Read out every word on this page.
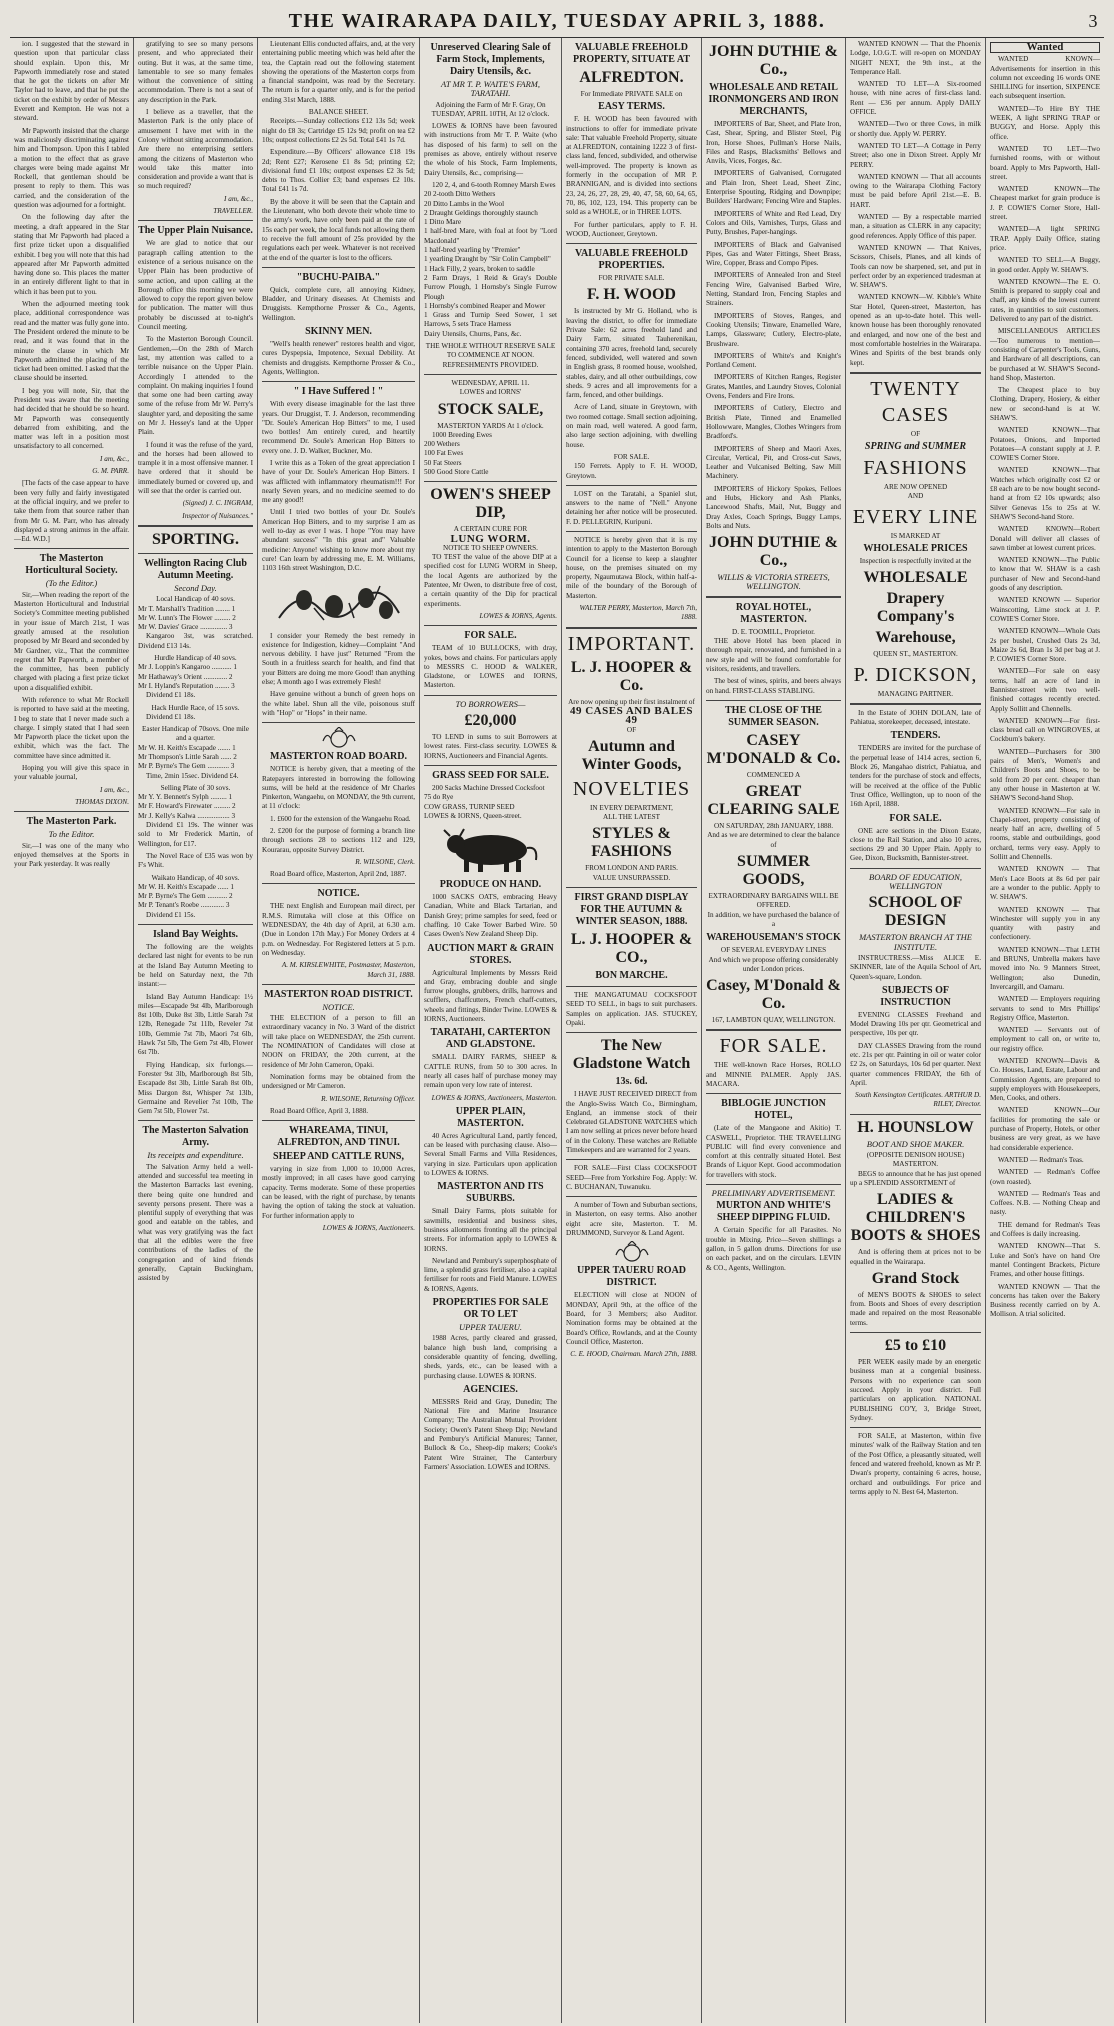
THE WAIRARAPA DAILY, TUESDAY APRIL 3, 1888.	3

ion. I suggested that the steward in question upon that particular class should explain. Upon this, Mr Papworth immediately rose and stated that he got the tickets on after Mr Taylor had to leave, and that he put the ticket on the exhibit by order of Messrs Everett and Kempton. He was not a steward.

Mr Papworth insisted that the charge was maliciously discriminating against him and Thompson. Upon this I tabled a motion to the effect that as grave charges were being made against Mr Rockell, that gentleman should be present to reply to them. This was carried, and the consideration of the question was adjourned for a fortnight.

On the following day after the meeting, a draft appeared in the Star stating that Mr Papworth had placed a first prize ticket upon a disqualified exhibit. I beg you will note that this had appeared after Mr Papworth admitted having done so. This places the matter in an entirely different light to that in which it has been put to you.

When the adjourned meeting took place, additional correspondence was read and the matter was fully gone into. The President ordered the minute to be read, and it was found that in the minute the clause in which Mr Papworth admitted the placing of the ticket had been omitted. I asked that the clause should be inserted.

I beg you will note, Sir, that the President was aware that the meeting had decided that he should be so heard. Mr Papworth was consequently debarred from exhibiting, and the matter was left in a position most unsatisfactory to all concerned.

I am, &c.,
G. M. PARR.

[The facts of the case appear to have been very fully and fairly investigated at the official inquiry, and we prefer to take them from that source rather than from Mr G. M. Parr, who has already displayed a strong animus in the affair.—Ed. W.D.]

The Masterton Horticultural Society.
(To the Editor.)

Sir,—When reading the report of the Masterton Horticultural and Industrial Society's Committee meeting published in your issue of March 21st, I was greatly amused at the resolution proposed by Mr Beard and seconded by Mr Gardner, viz., That the committee regret that Mr Papworth, a member of the committee, has been publicly charged with placing a first prize ticket upon a disqualified exhibit.

With reference to what Mr Rockell is reported to have said at the meeting, I beg to state that I never made such a charge. I simply stated that I had seen Mr Papworth place the ticket upon the exhibit, which was the fact. The committee have since admitted it.

Hoping you will give this space in your valuable journal,

I am, &c.,
THOMAS DIXON.
The Masterton Park.
To the Editor.

Sir,—I was one of the many who enjoyed themselves at the Sports in your Park yesterday. It was really

gratifying to see so many persons present, and who appreciated their outing. But it was, at the same time, lamentable to see so many females without the convenience of sitting accommodation. There is not a seat of any description in the Park.

I believe as a traveller, that the Masterton Park is the only place of amusement I have met with in the Colony without sitting accommodation. Are there no enterprising settlers among the citizens of Masterton who would take this matter into consideration and provide a want that is so much required?

I am, &c.,
TRAVELLER.
The Upper Plain Nuisance.

We are glad to notice that our paragraph calling attention to the existence of a serious nuisance on the Upper Plain has been productive of some action, and upon calling at the Borough office this morning we were allowed to copy the report given below for publication. The matter will thus probably be discussed at to-night's Council meeting.

To the Masterton Borough Council. Gentlemen,—On the 28th of March last, my attention was called to a terrible nuisance on the Upper Plain. Accordingly I attended to the complaint. On making inquiries I found that some one had been carting away some of the refuse from Mr W. Perry's slaughter yard, and depositing the same on Mr J. Hessey's land at the Upper Plain.

I found it was the refuse of the yard, and the horses had been allowed to trample it in a most offensive manner. I have ordered that it should be immediately burned or covered up, and will see that the order is carried out.

(Signed) J. C. INGRAM,
Inspector of Nuisances."
SPORTING.
Wellington Racing Club Autumn Meeting.
Second Day.
Local Handicap of 40 sovs.
Mr T. Marshall's Tradition ........ 1
Mr W. Lunn's The Flower ......... 2
Mr W. Davies' Grace ............... 3

Kangaroo 3st, was scratched. Dividend £13 14s.

Hurdle Handicap of 40 sovs.
Mr J. Loppin's Kangaroo ........... 1
Mr Hathaway's Orient ............. 2
Mr I. Hyland's Reputation ........ 3

Dividend £1 18s.

Hack Hurdle Race, of 15 sovs.

Dividend £1 18s.

Easter Handicap of 70sovs. One mile and a quarter.
Mr W. H. Keith's Escapade ....... 1
Mr Thompson's Little Sarah ...... 2
Mr P. Byrne's The Gem ............ 3

Time, 2min 15sec. Dividend £4.

Selling Plate of 30 sovs.
Mr Y. Y. Bennett's Sylph ......... 1
Mr F. Howard's Firewater ......... 2
Mr J. Kelly's Kalwa .................. 3

Dividend £1 19s. The winner was sold to Mr Frederick Martin, of Wellington, for £17.

The Novel Race of £35 was won by F's Whit.

Waikato Handicap, of 40 sovs.
Mr W. H. Keith's Escapade ...... 1
Mr P. Byrne's The Gem ........... 2
Mr P. Tenant's Roebe ............. 3

Dividend £1 15s.

Island Bay Weights.

The following are the weights declared last night for events to be run at the Island Bay Autumn Meeting to be held on Saturday next, the 7th instant:—

Island Bay Autumn Handicap: 1½ miles—Escapade 9st 4lb, Marlborough 8st 10lb, Duke 8st 3lb, Little Sarah 7st 12lb, Renegade 7st 11lb, Reveler 7st 10lb, Gemmie 7st 7lb, Maori 7st 6lb, Hawk 7st 5lb, The Gem 7st 4lb, Flower 6st 7lb.

Flying Handicap, six furlongs.—Forester 9st 3lb, Marlborough 8st 5lb, Escapade 8st 3lb, Little Sarah 8st 0lb, Miss Dargon 8st, Whisper 7st 13lb, Germaine and Revelier 7st 10lb, The Gem 7st 5lb, Flower 7st.

The Masterton Salvation Army.
Its receipts and expenditure.

The Salvation Army held a well-attended and successful tea meeting in the Masterton Barracks last evening, there being quite one hundred and seventy persons present. There was a plentiful supply of everything that was good and eatable on the tables, and what was very gratifying was the fact that all the edibles were the free contributions of the ladies of the congregation and of kind friends generally, Captain Buckingham, assisted by

Lieutenant Ellis conducted affairs, and, at the very entertaining public meeting which was held after the tea, the Captain read out the following statement showing the operations of the Masterton corps from a financial standpoint, was read by the Secretary. The return is for a quarter only, and is for the period ending 31st March, 1888.

BALANCE SHEET.

Receipts.—Sunday collections £12 13s 5d; week night do £8 3s; Cartridge £5 12s 9d; profit on tea £2 10s; outpost collections £2 2s 5d. Total £41 1s 7d.

Expenditure.—By Officers' allowance £18 19s 2d; Rent £27; Kerosene £1 8s 5d; printing £2; divisional fund £1 10s; outpost expenses £2 3s 5d; debts to Thos. Collier £3; band expenses £2 10s. Total £41 1s 7d.

By the above it will be seen that the Captain and the Lieutenant, who both devote their whole time to the army's work, have only been paid at the rate of 15s each per week, the local funds not allowing them to receive the full amount of 25s provided by the regulations each per week. Whatever is not received at the end of the quarter is lost to the officers.

"BUCHU-PAIBA."

Quick, complete cure, all annoying Kidney, Bladder, and Urinary diseases. At Chemists and Druggists. Kempthorne Prosser & Co., Agents, Wellington.

SKINNY MEN.

"Well's health renewer" restores health and vigor, cures Dyspepsia, Impotence, Sexual Debility. At chemists and druggists. Kempthorne Prosser & Co., Agents, Wellington.

" I Have Suffered ! "

With every disease imaginable for the last three years. Our Druggist, T. J. Anderson, recommending "Dr. Soule's American Hop Bitters" to me, I used two bottles! Am entirely cured, and heartily recommend Dr. Soule's American Hop Bitters to every one. J. D. Walker, Buckner, Mo.

I write this as a Token of the great appreciation I have of your Dr. Soule's American Hop Bitters. I was afflicted with inflammatory rheumatism!!! For nearly Seven years, and no medicine seemed to do me any good!!

Until I tried two bottles of your Dr. Soule's American Hop Bitters, and to my surprise I am as well to-day as ever I was. I hope "You may have abundant success" "In this great and" Valuable medicine: Anyone! wishing to know more about my cure! Can learn by addressing me, E. M. Williams, 1103 16th street Washington, D.C.

I consider your Remedy the best remedy in existence for Indigestion, kidney—Complaint "And nervous debility. I have just" Returned "From the South in a fruitless search for health, and find that your Bitters are doing me more Good! than anything else; A month ago I was extremely Flesh!

Have genuine without a bunch of green hops on the white label. Shun all the vile, poisonous stuff with "Hop" or "Hops" in their name.

MASTERTON ROAD BOARD.

NOTICE is hereby given, that a meeting of the Ratepayers interested in borrowing the following sums, will be held at the residence of Mr Charles Pinkerton, Wangaehu, on MONDAY, the 9th current, at 11 o'clock:

1. £600 for the extension of the Wangaehu Road.

2. £200 for the purpose of forming a branch line through sections 28 to sections 112 and 129, Kourarau, opposite Survey District.

R. WILSONE, Clerk.

Road Board office, Masterton, April 2nd, 1887.

NOTICE.

THE next English and European mail direct, per R.M.S. Rimutaka will close at this Office on WEDNESDAY, the 4th day of April, at 6.30 a.m. (Due in London 17th May.) For Money Orders at 4 p.m. on Wednesday. For Registered letters at 5 p.m. on Wednesday.

A. M. KIRSLEWHITE, Postmaster, Masterton, March 31, 1888.
MASTERTON ROAD DISTRICT.
NOTICE.

THE ELECTION of a person to fill an extraordinary vacancy in No. 3 Ward of the district will take place on WEDNESDAY, the 25th current. The NOMINATION of Candidates will close at NOON on FRIDAY, the 20th current, at the residence of Mr John Cameron, Opaki.

Nomination forms may be obtained from the undersigned or Mr Cameron.

R. WILSONE, Returning Officer.

Road Board Office, April 3, 1888.

WHAREAMA, TINUI, ALFREDTON, AND TINUI.
SHEEP AND CATTLE RUNS,

varying in size from 1,000 to 10,000 Acres, mostly improved; in all cases have good carrying capacity. Terms moderate. Some of these properties can be leased, with the right of purchase, by tenants having the option of taking the stock at valuation. For further information apply to

LOWES & IORNS, Auctioneers.
Unreserved Clearing Sale of Farm Stock, Implements, Dairy Utensils, &c.
AT MR T. P. WAITE'S FARM, TARATAHI.

Adjoining the Farm of Mr F. Gray, On TUESDAY, APRIL 10TH, At 12 o'clock.

LOWES & IORNS have been favoured with instructions from Mr T. P. Waite (who has disposed of his farm) to sell on the premises as above, entirely without reserve the whole of his Stock, Farm Implements, Dairy Utensils, &c., comprising—

120 2, 4, and 6-tooth Romney Marsh Ewes
20 2-tooth Ditto Wethers
20 Ditto Lambs in the Wool
2 Draught Geldings thoroughly staunch
1 Ditto Mare
1 half-bred Mare, with foal at foot by "Lord Macdonald"
1 half-bred yearling by "Premier"
1 yearling Draught by "Sir Colin Campbell"
1 Hack Filly, 2 years, broken to saddle
2 Farm Drays, 1 Reid & Gray's Double Furrow Plough, 1 Hornsby's Single Furrow Plough
1 Hornsby's combined Reaper and Mower
1 Grass and Turnip Seed Sower, 1 set Harrows, 5 sets Trace Harness
Dairy Utensils, Churns, Pans, &c.

THE WHOLE WITHOUT RESERVE SALE TO COMMENCE AT NOON. REFRESHMENTS PROVIDED.

WEDNESDAY, APRIL 11.
LOWES and IORNS'
STOCK SALE,
MASTERTON YARDS At 1 o'clock.

1000 Breeding Ewes
200 Wethers
100 Fat Ewes
50 Fat Steers
500 Good Store Cattle

OWEN'S SHEEP DIP,
A CERTAIN CURE FOR
LUNG WORM.
NOTICE TO SHEEP OWNERS.

TO TEST the value of the above DIP at a specified cost for LUNG WORM in Sheep, the local Agents are authorized by the Patentee, Mr Owen, to distribute free of cost, a certain quantity of the Dip for practical experiments.

LOWES & IORNS, Agents.
FOR SALE.

TEAM of 10 BULLOCKS, with dray, yokes, bows and chains. For particulars apply to MESSRS C. HOOD & WALKER, Gladstone, or LOWES and IORNS, Masterton.

TO BORROWERS—
£20,000

TO LEND in sums to suit Borrowers at lowest rates. First-class security. LOWES & IORNS, Auctioneers and Financial Agents.

GRASS SEED FOR SALE.

200 Sacks Machine Dressed Cocksfoot
75 do Rye
COW GRASS, TURNIP SEED
LOWES & IORNS, Queen-street.

PRODUCE ON HAND.

1000 SACKS OATS, embracing Heavy Canadian, White and Black Tartarian, and Danish Grey; prime samples for seed, feed or chaffing. 10 Cake Tower Barbed Wire. 50 Cases Owen's New Zealand Sheep Dip.

AUCTION MART & GRAIN STORES.

Agricultural Implements by Messrs Reid and Gray, embracing double and single furrow ploughs, grubbers, drills, harrows and scufflers, chaffcutters, French chaff-cutters, wheels and fittings, Binder Twine. LOWES & IORNS, Auctioneers.

TARATAHI, CARTERTON AND GLADSTONE.

SMALL DAIRY FARMS, SHEEP & CATTLE RUNS, from 50 to 300 acres. In nearly all cases half of purchase money may remain upon very low rate of interest.

LOWES & IORNS, Auctioneers, Masterton.
UPPER PLAIN, MASTERTON.

40 Acres Agricultural Land, partly fenced, can be leased with purchasing clause. Also—Several Small Farms and Villa Residences, varying in size. Particulars upon application to LOWES & IORNS.

MASTERTON AND ITS SUBURBS.

Small Dairy Farms, plots suitable for sawmills, residential and business sites, business allotments fronting all the principal streets. For information apply to LOWES & IORNS.

Newland and Pembury's superphosphate of lime, a splendid grass fertiliser, also a capital fertiliser for roots and Field Manure. LOWES & IORNS, Agents.

PROPERTIES FOR SALE OR TO LET
UPPER TAUERU.

1988 Acres, partly cleared and grassed, balance high bush land, comprising a considerable quantity of fencing, dwelling, sheds, yards, etc., can be leased with a purchasing clause. LOWES & IORNS.

AGENCIES.

MESSRS Reid and Gray, Dunedin; The National Fire and Marine Insurance Company; The Australian Mutual Provident Society; Owen's Patent Sheep Dip; Newland and Pembury's Artificial Manures; Tanner, Bullock & Co., Sheep-dip makers; Cooke's Patent Wire Strainer, The Canterbury Farmers' Association. LOWES and IORNS.

VALUABLE FREEHOLD PROPERTY, SITUATE AT
ALFREDTON.
For Immediate PRIVATE SALE on
EASY TERMS.

F. H. WOOD has been favoured with instructions to offer for immediate private sale: That valuable Freehold Property, situate at ALFREDTON, containing 1222 3 of first-class land, fenced, subdivided, and otherwise well-improved. The property is known as formerly in the occupation of MR P. BRANNIGAN, and is divided into sections 23, 24, 26, 27, 28, 29, 40, 47, 58, 60, 64, 65, 70, 86, 102, 123, 194. This property can be sold as a WHOLE, or in THREE LOTS.

For further particulars, apply to F. H. WOOD, Auctioneer, Greytown.

VALUABLE FREEHOLD PROPERTIES.
FOR PRIVATE SALE.
F. H. WOOD

Is instructed by Mr G. Holland, who is leaving the district, to offer for immediate Private Sale: 62 acres freehold land and Dairy Farm, situated Tauherenikau, containing 370 acres, freehold land, securely fenced, subdivided, well watered and sown in English grass, 8 roomed house, woolshed, stables, dairy, and all other outbuildings, cow sheds. 9 acres and all improvements for a farm, fenced, and other buildings.

Acre of Land, situate in Greytown, with two roomed cottage. Small section adjoining, on main road, well watered. A good farm, also large section adjoining, with dwelling house.

FOR SALE.

150 Ferrets. Apply to F. H. WOOD, Greytown.

LOST on the Taratahi, a Spaniel slut, answers to the name of "Nell." Anyone detaining her after notice will be prosecuted. F. D. PELLEGRIN, Kuripuni.

NOTICE is hereby given that it is my intention to apply to the Masterton Borough Council for a license to keep a slaughter house, on the premises situated on my property, Ngaumutawa Block, within half-a-mile of the boundary of the Borough of Masterton.

WALTER PERRY, Masterton, March 7th, 1888.
IMPORTANT.
L. J. HOOPER & Co.
Are now opening up their first instalment of
49 CASES AND BALES 49
OF
Autumn and Winter Goods,
NOVELTIES
IN EVERY DEPARTMENT,
ALL THE LATEST
STYLES & FASHIONS
FROM LONDON AND PARIS.
VALUE UNSURPASSED.
FIRST GRAND DISPLAY FOR THE AUTUMN & WINTER SEASON, 1888.
L. J. HOOPER & CO.,
BON MARCHE.

THE MANGATUMAU COCKSFOOT SEED TO SELL, in bags to suit purchasers. Samples on application. JAS. STUCKEY, Opaki.

The New Gladstone Watch
13s. 6d.

I HAVE JUST RECEIVED DIRECT from the Anglo-Swiss Watch Co., Birmingham, England, an immense stock of their Celebrated GLADSTONE WATCHES which I am now selling at prices never before heard of in the Colony. These watches are Reliable Timekeepers and are warranted for 2 years.

FOR SALE—First Class COCKSFOOT SEED—Free from Yorkshire Fog. Apply: W. C. BUCHANAN, Tuwanuku.

A number of Town and Suburban sections, in Masterton, on easy terms. Also another eight acre site, Masterton. T. M. DRUMMOND, Surveyor & Land Agent.

UPPER TAUERU ROAD DISTRICT.

ELECTION will close at NOON of MONDAY, April 9th, at the office of the Board, for 3 Members; also Auditor. Nomination forms may be obtained at the Board's Office, Rowlands, and at the County Council Office, Masterton.

C. E. HOOD, Chairman. March 27th, 1888.
JOHN DUTHIE & Co.,
WHOLESALE AND RETAIL IRONMONGERS AND IRON MERCHANTS,

IMPORTERS of Bar, Sheet, and Plate Iron, Cast, Shear, Spring, and Blister Steel, Pig Iron, Horse Shoes, Pullman's Horse Nails, Files and Rasps, Blacksmiths' Bellows and Anvils, Vices, Forges, &c.

IMPORTERS of Galvanised, Corrugated and Plain Iron, Sheet Lead, Sheet Zinc, Enterprise Spouting, Ridging and Downpipe; Builders' Hardware; Fencing Wire and Staples.

IMPORTERS of White and Red Lead, Dry Colors and Oils, Varnishes, Turps, Glass and Putty, Brushes, Paper-hangings.

IMPORTERS of Black and Galvanised Pipes, Gas and Water Fittings, Sheet Brass, Wire, Copper, Brass and Compo Pipes.

IMPORTERS of Annealed Iron and Steel Fencing Wire, Galvanised Barbed Wire, Netting, Standard Iron, Fencing Staples and Strainers.

IMPORTERS of Stoves, Ranges, and Cooking Utensils; Tinware, Enamelled Ware, Lamps, Glassware; Cutlery, Electro-plate, Brushware.

IMPORTERS of White's and Knight's Portland Cement.

IMPORTERS of Kitchen Ranges, Register Grates, Mantles, and Laundry Stoves, Colonial Ovens, Fenders and Fire Irons.

IMPORTERS of Cutlery, Electro and British Plate, Tinned and Enamelled Hollowware, Mangles, Clothes Wringers from Bradford's.

IMPORTERS of Sheep and Maori Axes, Circular, Vertical, Pit, and Cross-cut Saws, Leather and Vulcanised Belting, Saw Mill Machinery.

IMPORTERS of Hickory Spokes, Felloes and Hubs, Hickory and Ash Planks, Lancewood Shafts, Mail, Nut, Buggy and Dray Axles, Coach Springs, Buggy Lamps, Bolts and Nuts.

JOHN DUTHIE & Co.,
WILLIS & VICTORIA STREETS, WELLINGTON.
ROYAL HOTEL, MASTERTON.
D. E. TOOMILL, Proprietor.

THE above Hotel has been placed in thorough repair, renovated, and furnished in a new style and will be found comfortable for visitors, residents, and travellers.

The best of wines, spirits, and beers always on hand. FIRST-CLASS STABLING.

THE CLOSE OF THE SUMMER SEASON.
CASEY M'DONALD & Co.
COMMENCED A
GREAT CLEARING SALE
ON SATURDAY, 28th JANUARY, 1888.

And as we are determined to clear the balance of

SUMMER GOODS,
EXTRAORDINARY BARGAINS WILL BE OFFERED.

In addition, we have purchased the balance of a

WAREHOUSEMAN'S STOCK
OF SEVERAL EVERYDAY LINES

And which we propose offering considerably under London prices.

Casey, M'Donald & Co.
167, LAMBTON QUAY, WELLINGTON.
FOR SALE.

THE well-known Race Horses, ROLLO and MINNIE PALMER. Apply JAS. MACARA.

BIBLOGIE JUNCTION HOTEL,

(Late of the Mangaone and Akitio) T. CASWELL, Proprietor. THE TRAVELLING PUBLIC will find every convenience and comfort at this centrally situated Hotel. Best Brands of Liquor Kept. Good accommodation for travellers with stock.

PRELIMINARY ADVERTISEMENT.
MURTON AND WHITE'S SHEEP DIPPING FLUID.

A Certain Specific for all Parasites. No trouble in Mixing. Price—Seven shillings a gallon, in 5 gallon drums. Directions for use on each packet, and on the circulars. LEVIN & CO., Agents, Wellington.

WANTED KNOWN — That the Phoenix Lodge, I.O.G.T. will re-open on MONDAY NIGHT NEXT, the 9th inst., at the Temperance Hall.

WANTED TO LET—A Six-roomed house, with nine acres of first-class land. Rent — £36 per annum. Apply DAILY OFFICE.

WANTED—Two or three Cows, in milk or shortly due. Apply W. PERRY.

WANTED TO LET—A Cottage in Perry Street; also one in Dixon Street. Apply Mr PERRY.

WANTED KNOWN — That all accounts owing to the Wairarapa Clothing Factory must be paid before April 21st.—E. B. HART.

WANTED — By a respectable married man, a situation as CLERK in any capacity; good references. Apply Office of this paper.

WANTED KNOWN — That Knives, Scissors, Chisels, Planes, and all kinds of Tools can now be sharpened, set, and put in perfect order by an experienced tradesman at W. SHAW'S.

WANTED KNOWN—W. Kibble's White Star Hotel, Queen-street, Masterton, has opened as an up-to-date hotel. This well-known house has been thoroughly renovated and enlarged, and now one of the best and most comfortable hostelries in the Wairarapa. Wines and Spirits of the best brands only kept.

TWENTY
CASES
OF
SPRING and SUMMER
FASHIONS
ARE NOW OPENED
AND
EVERY LINE
IS MARKED AT
WHOLESALE PRICES

Inspection is respectfully invited at the

WHOLESALE
Drapery Company's
Warehouse,
QUEEN ST., MASTERTON.
P. DICKSON,
MANAGING PARTNER.

In the Estate of JOHN DOLAN, late of Pahiatua, storekeeper, deceased, intestate.

TENDERS.

TENDERS are invited for the purchase of the perpetual lease of 1414 acres, section 6, Block 26, Mangahao district, Pahiatua, and tenders for the purchase of stock and effects, will be received at the office of the Public Trust Office, Wellington, up to noon of the 16th April, 1888.

FOR SALE.

ONE acre sections in the Dixon Estate, close to the Rail Station, and also 10 acres, sections 29 and 30 Upper Plain. Apply to Gee, Dixon, Bucksmith, Bannister-street.

BOARD OF EDUCATION, WELLINGTON
SCHOOL OF DESIGN
MASTERTON BRANCH AT THE INSTITUTE.

INSTRUCTRESS.—Miss ALICE E. SKINNER, late of the Aquila School of Art, Queen's-square, London.

SUBJECTS OF INSTRUCTION

EVENING CLASSES Freehand and Model Drawing 10s per qtr. Geometrical and perspective, 10s per qtr.

DAY CLASSES Drawing from the round etc. 21s per qtr. Painting in oil or water color £2 2s, on Saturdays, 10s 6d per quarter. Next quarter commences FRIDAY, the 6th of April.

South Kensington Certificates. ARTHUR D. RILEY, Director.
H. HOUNSLOW
BOOT AND SHOE MAKER.
(OPPOSITE DENISON HOUSE) MASTERTON.

BEGS to announce that he has just opened up a SPLENDID ASSORTMENT of

LADIES & CHILDREN'S BOOTS & SHOES

And is offering them at prices not to be equalled in the Wairarapa.

Grand Stock

of MEN'S BOOTS & SHOES to select from. Boots and Shoes of every description made and repaired on the most Reasonable terms.

£5 to £10

PER WEEK easily made by an energetic business man at a congenial business. Persons with no experience can soon succeed. Apply in your district. Full particulars on application. NATIONAL PUBLISHING CO'Y, 3, Bridge Street, Sydney.

FOR SALE, at Masterton, within five minutes' walk of the Railway Station and ten of the Post Office, a pleasantly situated, well fenced and watered freehold, known as Mr P. Dwan's property, containing 6 acres, house, orchard and outbuildings. For price and terms apply to N. Best 64, Masterton.

Wanted

WANTED KNOWN—Advertisements for insertion in this column not exceeding 16 words ONE SHILLING for insertion, SIXPENCE each subsequent insertion.

WANTED—To Hire BY THE WEEK, A light SPRING TRAP or BUGGY, and Horse. Apply this office.

WANTED TO LET—Two furnished rooms, with or without board. Apply to Mrs Papworth, Hall-street.

WANTED KNOWN—The Cheapest market for grain produce is J. P. COWIE'S Corner Store, Hall-street.

WANTED—A light SPRING TRAP. Apply Daily Office, stating price.

WANTED TO SELL—A Buggy, in good order. Apply W. SHAW'S.

WANTED KNOWN—The E. O. Smith is prepared to supply coal and chaff, any kinds of the lowest current rates, in quantities to suit customers. Delivered to any part of the district.

MISCELLANEOUS ARTICLES—Too numerous to mention—consisting of Carpenter's Tools, Guns, and Hardware of all descriptions, can be purchased at W. SHAW'S Second-hand Shop, Masterton.

The Cheapest place to buy Clothing, Drapery, Hosiery, & either new or second-hand is at W. SHAW'S.

WANTED KNOWN—That Potatoes, Onions, and Imported Potatoes—A constant supply at J. P. COWIE'S Corner Store.

WANTED KNOWN—That Watches which originally cost £2 or £8 each are to be now bought second-hand at from £2 10s upwards; also Silver Genevas 15s to 25s at W. SHAW'S Second-hand Store.

WANTED KNOWN—Robert Donald will deliver all classes of sawn timber at lowest current prices.

WANTED KNOWN—The Public to know that W. SHAW is a cash purchaser of New and Second-hand goods of any description.

WANTED KNOWN — Superior Wainscotting, Lime stock at J. P. COWIE'S Corner Store.

WANTED KNOWN—Whole Oats 2s per bushel, Crushed Oats 2s 3d, Maize 2s 6d, Bran 1s 3d per bag at J. P. COWIE'S Corner Store.

WANTED—For sale on easy terms, half an acre of land in Bannister-street with two well-finished cottages recently erected. Apply Sollitt and Chennells.

WANTED KNOWN—For first-class bread call on WINGROVES, at Cockburn's bakery.

WANTED—Purchasers for 300 pairs of Men's, Women's and Children's Boots and Shoes, to be sold from 20 per cent. cheaper than any other house in Masterton at W. SHAW'S Second-hand Shop.

WANTED KNOWN—For sale in Chapel-street, property consisting of nearly half an acre, dwelling of 5 rooms, stable and outbuildings, good orchard, terms very easy. Apply to Sollitt and Chennells.

WANTED KNOWN — That Men's Lace Boots at 8s 6d per pair are a wonder to the public. Apply to W. SHAW'S.

WANTED KNOWN — That Winchester will supply you in any quantity with pastry and confectionery.

WANTED KNOWN—That LETH and BRUNS, Umbrella makers have moved into No. 9 Manners Street, Wellington; also Dunedin, Invercargill, and Oamaru.

WANTED — Employers requiring servants to send to Mrs Phillips' Registry Office, Masterton.

WANTED — Servants out of employment to call on, or write to, our registry office.

WANTED KNOWN—Davis & Co. Houses, Land, Estate, Labour and Commission Agents, are prepared to supply employers with Housekeepers, Men, Cooks, and others.

WANTED KNOWN—Our facilities for promoting the sale or purchase of Property, Hotels, or other business are very great, as we have had considerable experience.

WANTED — Redman's Teas.

WANTED — Redman's Coffee (own roasted).

WANTED — Redman's Teas and Coffees. N.B. — Nothing Cheap and nasty.

THE demand for Redman's Teas and Coffees is daily increasing.

WANTED KNOWN—That S. Luke and Son's have on hand Ore mantel Contingent Brackets, Picture Frames, and other house fittings.

WANTED KNOWN — That the concerns has taken over the Bakery Business recently carried on by A. Mollison. A trial solicited.
